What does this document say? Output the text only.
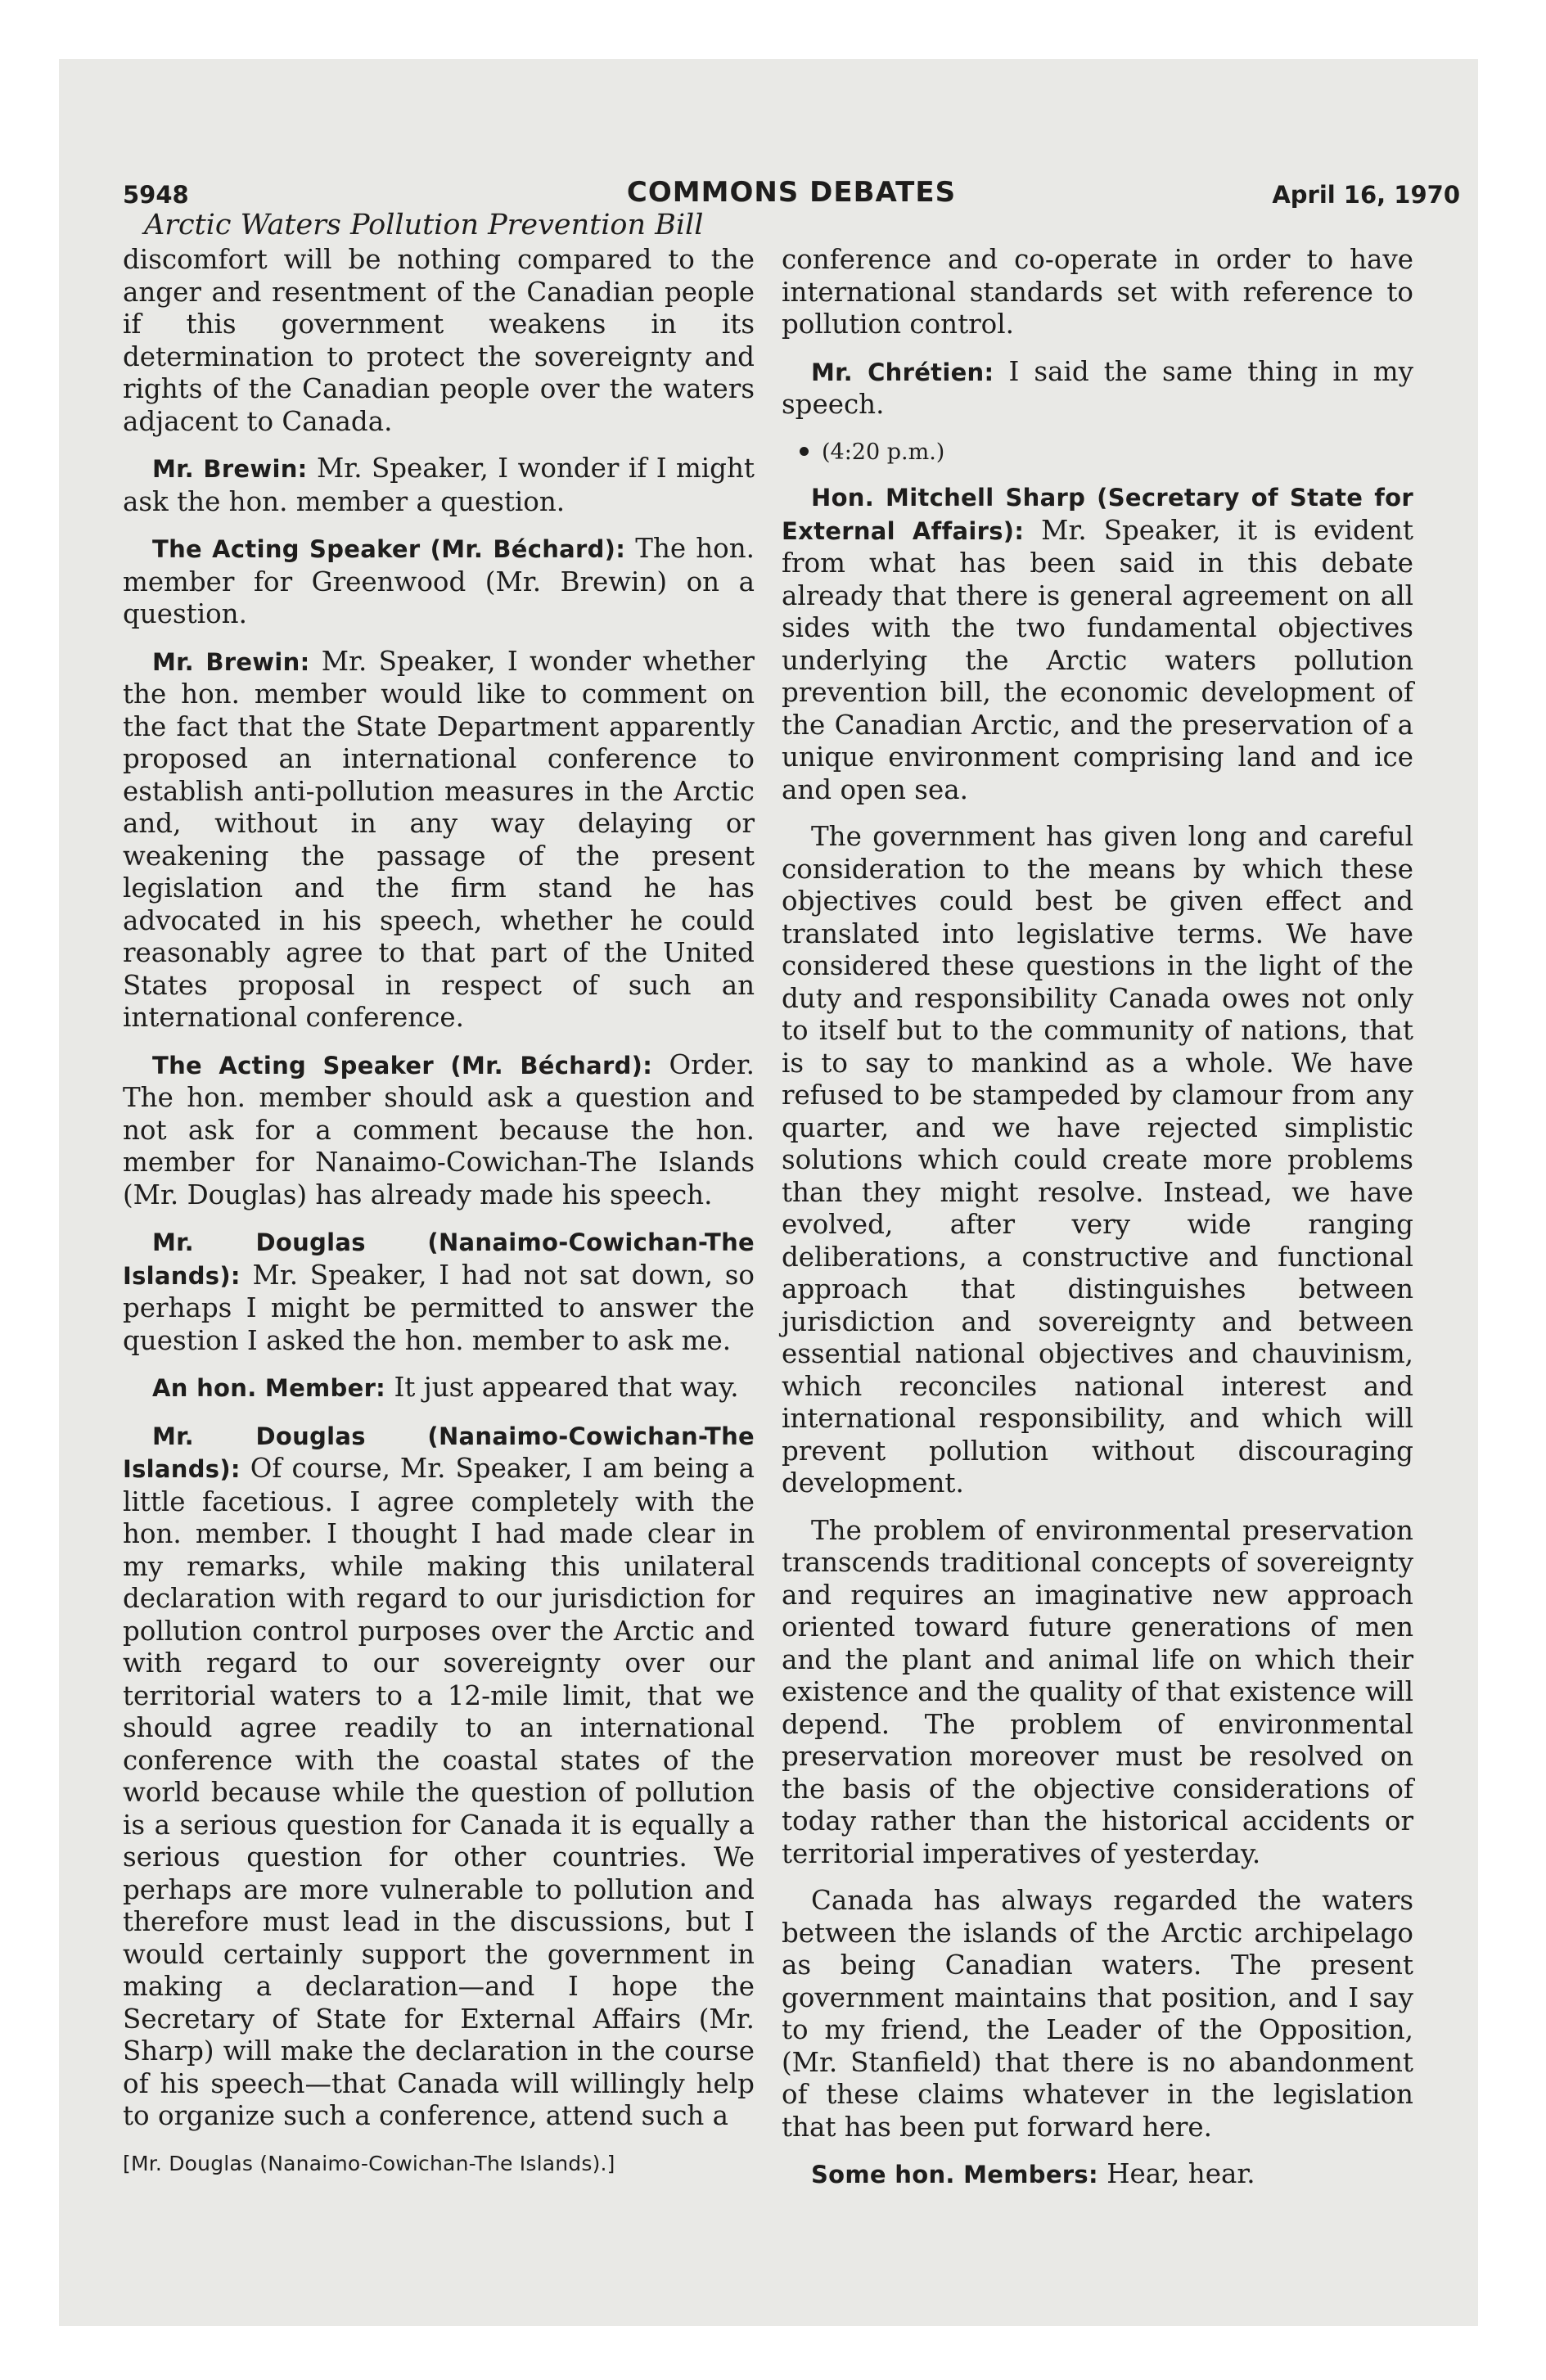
5948	COMMONS DEBATES	April 16, 1970
Arctic Waters Pollution Prevention Bill

discomfort will be nothing compared to the anger and resentment of the Canadian people if this government weakens in its determination to protect the sovereignty and rights of the Canadian people over the waters adjacent to Canada.

Mr. Brewin: Mr. Speaker, I wonder if I might ask the hon. member a question.

The Acting Speaker (Mr. Béchard): The hon. member for Greenwood (Mr. Brewin) on a question.

Mr. Brewin: Mr. Speaker, I wonder whether the hon. member would like to comment on the fact that the State Department apparently proposed an international conference to establish anti-pollution measures in the Arctic and, without in any way delaying or weakening the passage of the present legislation and the firm stand he has advocated in his speech, whether he could reasonably agree to that part of the United States proposal in respect of such an international conference.

The Acting Speaker (Mr. Béchard): Order. The hon. member should ask a question and not ask for a comment because the hon. member for Nanaimo-Cowichan-The Islands (Mr. Douglas) has already made his speech.

Mr. Douglas (Nanaimo-Cowichan-The Islands): Mr. Speaker, I had not sat down, so perhaps I might be permitted to answer the question I asked the hon. member to ask me.

An hon. Member: It just appeared that way.

Mr. Douglas (Nanaimo-Cowichan-The Islands): Of course, Mr. Speaker, I am being a little facetious. I agree completely with the hon. member. I thought I had made clear in my remarks, while making this unilateral declaration with regard to our jurisdiction for pollution control purposes over the Arctic and with regard to our sovereignty over our territorial waters to a 12-mile limit, that we should agree readily to an international conference with the coastal states of the world because while the question of pollution is a serious question for Canada it is equally a serious question for other countries. We perhaps are more vulnerable to pollution and therefore must lead in the discussions, but I would certainly support the government in making a declaration—and I hope the Secretary of State for External Affairs (Mr. Sharp) will make the declaration in the course of his speech—that Canada will willingly help to organize such a conference, attend such a

[Mr. Douglas (Nanaimo-Cowichan-The Islands).]

conference and co-operate in order to have international standards set with reference to pollution control.

Mr. Chrétien: I said the same thing in my speech.

(4:20 p.m.)

Hon. Mitchell Sharp (Secretary of State for External Affairs): Mr. Speaker, it is evident from what has been said in this debate already that there is general agreement on all sides with the two fundamental objectives underlying the Arctic waters pollution prevention bill, the economic development of the Canadian Arctic, and the preservation of a unique environment comprising land and ice and open sea.

The government has given long and careful consideration to the means by which these objectives could best be given effect and translated into legislative terms. We have considered these questions in the light of the duty and responsibility Canada owes not only to itself but to the community of nations, that is to say to mankind as a whole. We have refused to be stampeded by clamour from any quarter, and we have rejected simplistic solutions which could create more problems than they might resolve. Instead, we have evolved, after very wide ranging deliberations, a constructive and functional approach that distinguishes between jurisdiction and sovereignty and between essential national objectives and chauvinism, which reconciles national interest and international responsibility, and which will prevent pollution without discouraging development.

The problem of environmental preservation transcends traditional concepts of sovereignty and requires an imaginative new approach oriented toward future generations of men and the plant and animal life on which their existence and the quality of that existence will depend. The problem of environmental preservation moreover must be resolved on the basis of the objective considerations of today rather than the historical accidents or territorial imperatives of yesterday.

Canada has always regarded the waters between the islands of the Arctic archipelago as being Canadian waters. The present government maintains that position, and I say to my friend, the Leader of the Opposition, (Mr. Stanfield) that there is no abandonment of these claims whatever in the legislation that has been put forward here.

Some hon. Members: Hear, hear.
